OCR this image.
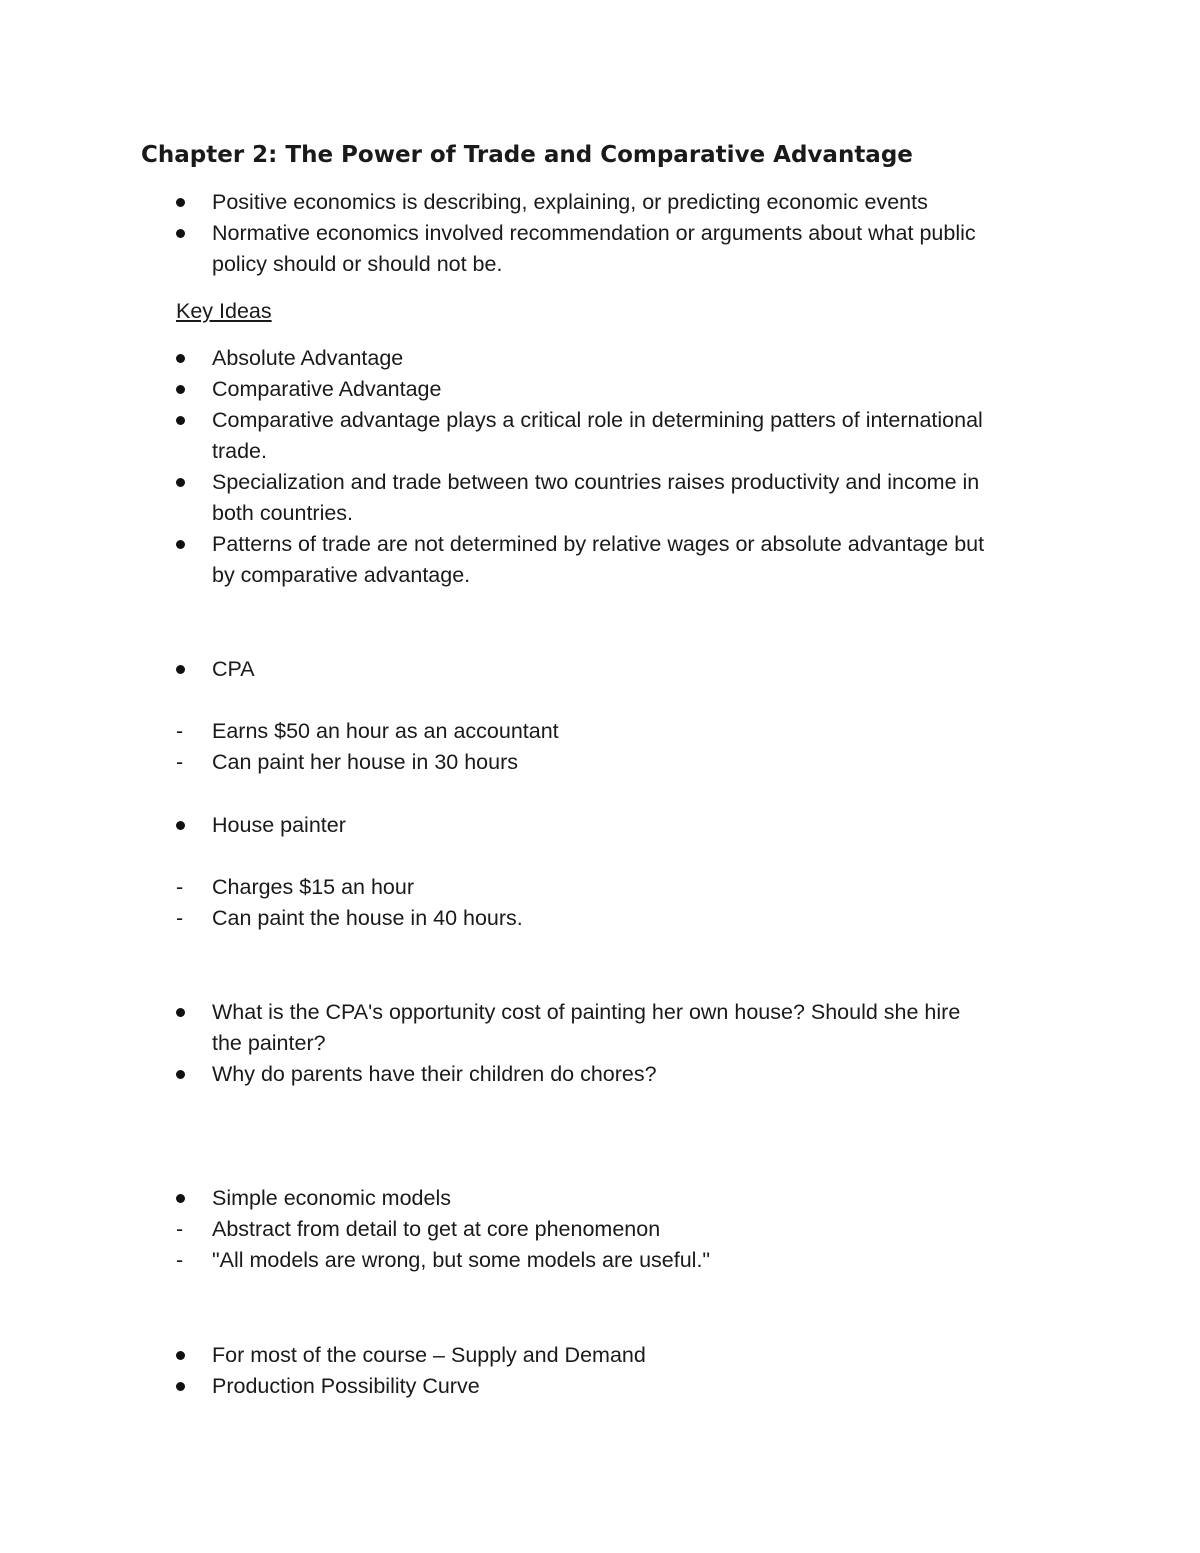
Chapter 2: The Power of Trade and Comparative Advantage
Positive economics is describing, explaining, or predicting economic events
Normative economics involved recommendation or arguments about what public
policy should or should not be.
Key Ideas
Absolute Advantage
Comparative Advantage
Comparative advantage plays a critical role in determining patters of international
trade.
Specialization and trade between two countries raises productivity and income in
both countries.
Patterns of trade are not determined by relative wages or absolute advantage but
by comparative advantage.
CPA
- Earns $50 an hour as an accountant
- Can paint her house in 30 hours
House painter
- Charges $15 an hour
- Can paint the house in 40 hours.
What is the CPA's opportunity cost of painting her own house? Should she hire
the painter?
Why do parents have their children do chores?
Simple economic models
- Abstract from detail to get at core phenomenon
- "All models are wrong, but some models are useful."
For most of the course – Supply and Demand
Production Possibility Curve
